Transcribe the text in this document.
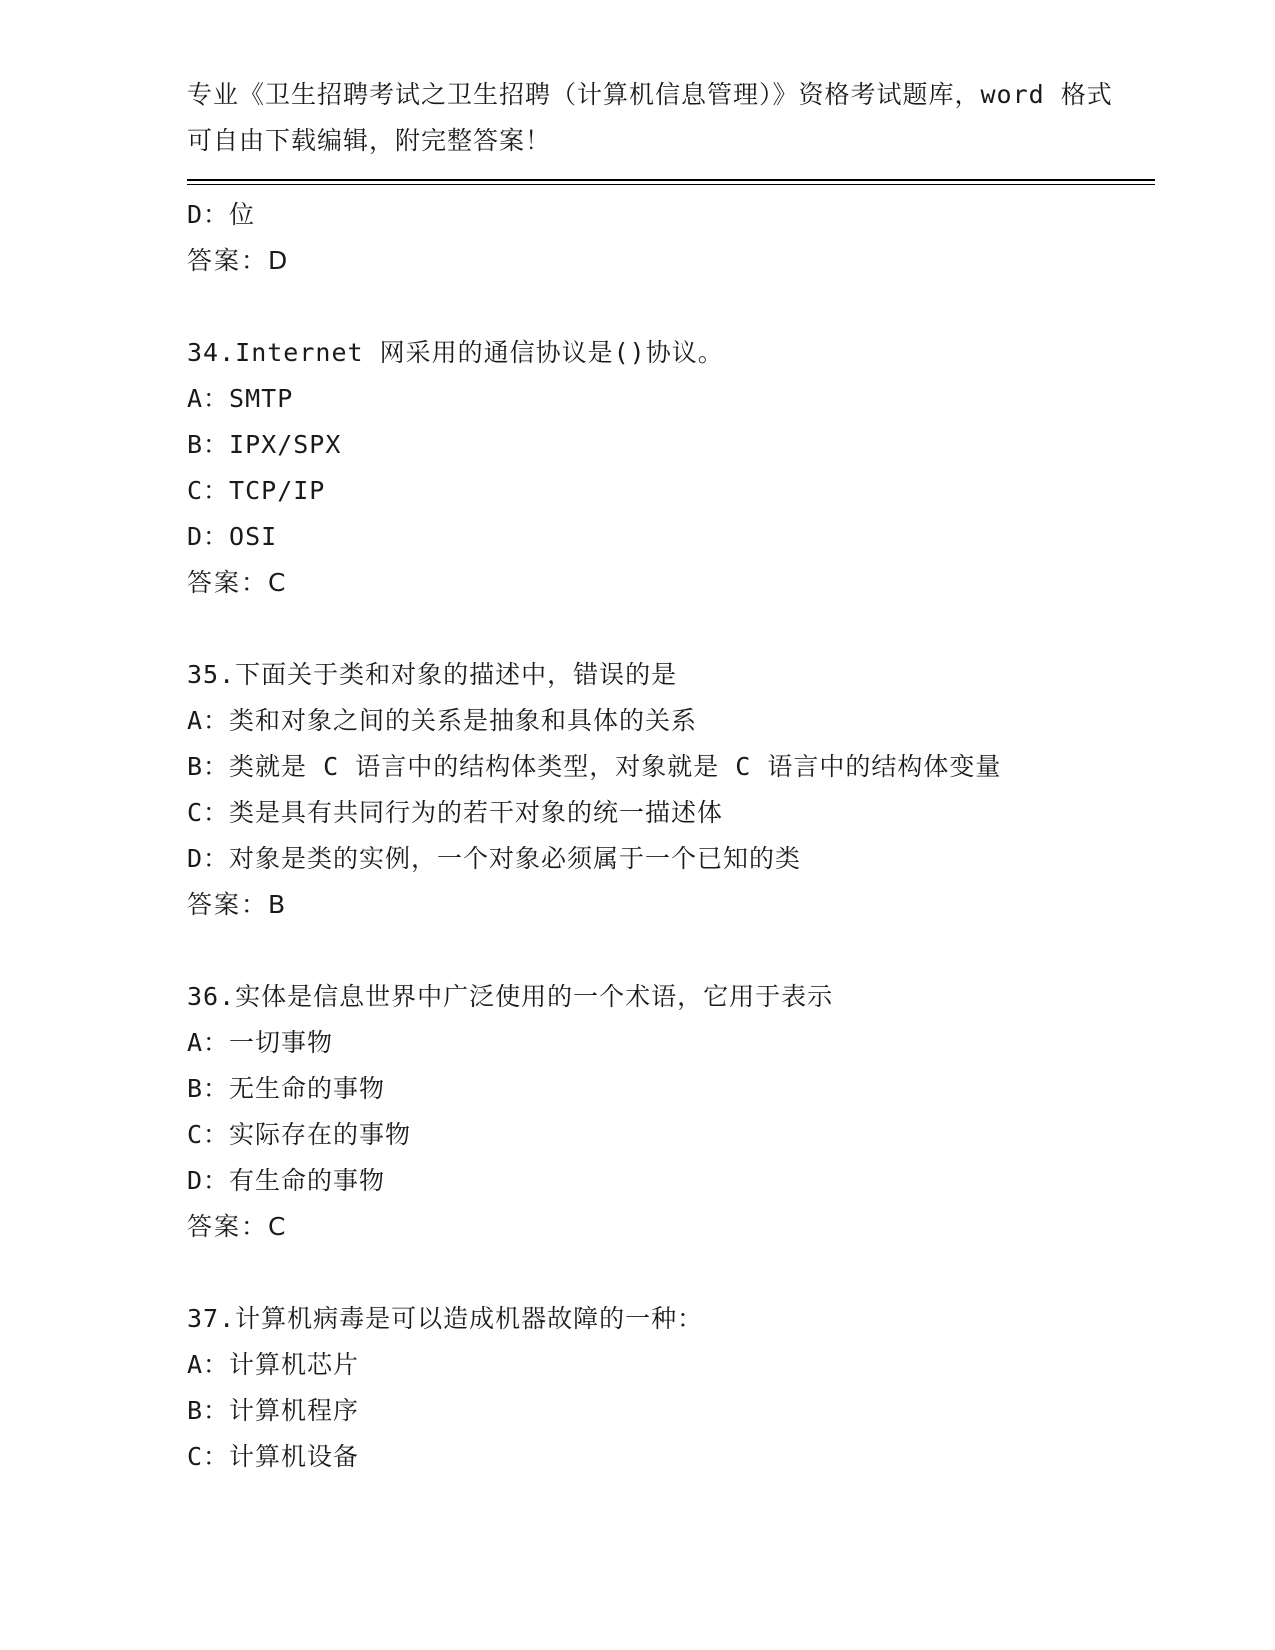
专业《卫生招聘考试之卫生招聘（计算机信息管理）》资格考试题库，word 格式
可自由下载编辑，附完整答案！
D：位
答案：D
34.Internet 网采用的通信协议是()协议。
A：SMTP
B：IPX/SPX
C：TCP/IP
D：OSI
答案：C
35.下面关于类和对象的描述中，错误的是
A：类和对象之间的关系是抽象和具体的关系
B：类就是 C 语言中的结构体类型，对象就是 C 语言中的结构体变量
C：类是具有共同行为的若干对象的统一描述体
D：对象是类的实例，一个对象必须属于一个已知的类
答案：B
36.实体是信息世界中广泛使用的一个术语，它用于表示
A：一切事物
B：无生命的事物
C：实际存在的事物
D：有生命的事物
答案：C
37.计算机病毒是可以造成机器故障的一种：
A：计算机芯片
B：计算机程序
C：计算机设备
